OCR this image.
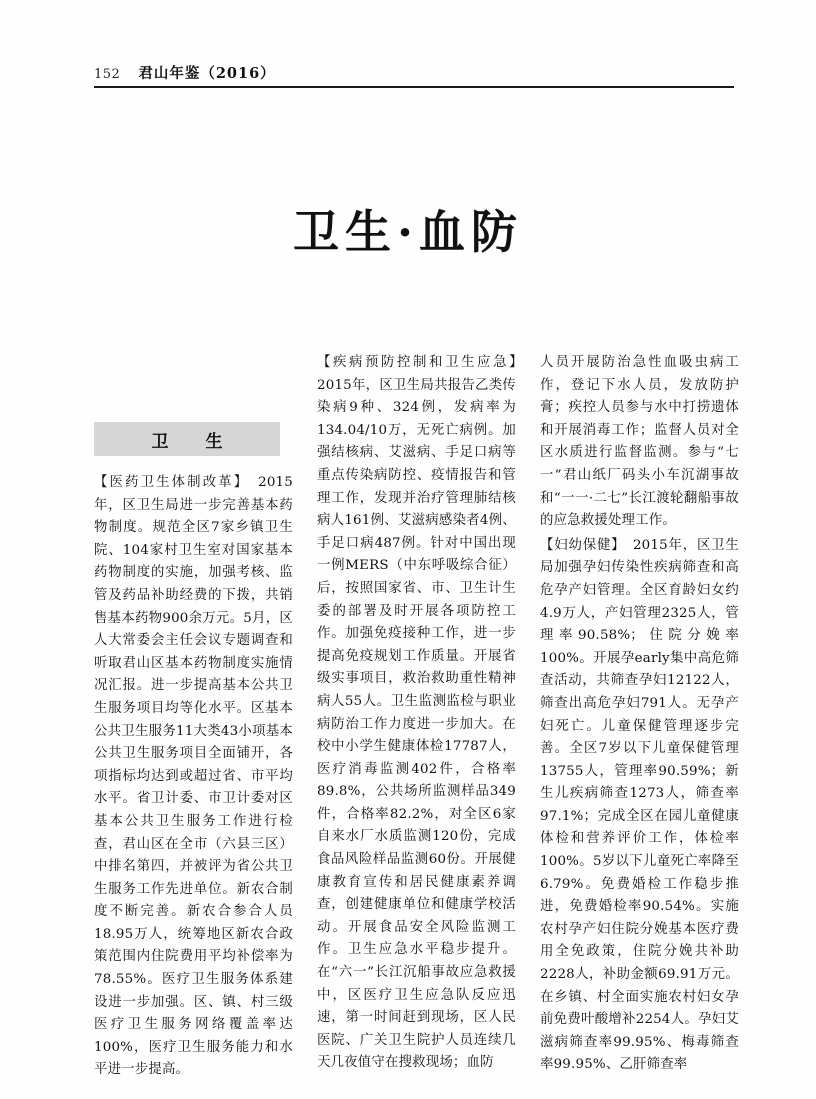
152 君山年鉴（2016）
卫生·血防
卫　生
【医药卫生体制改革】　2015年，区卫生局进一步完善基本药物制度。规范全区7家乡镇卫生院、104家村卫生室对国家基本药物制度的实施，加强考核、监管及药品补助经费的下拨，共销售基本药物900余万元。5月，区人大常委会主任会议专题调查和听取君山区基本药物制度实施情况汇报。进一步提高基本公共卫生服务项目均等化水平。区基本公共卫生服务11大类43小项基本公共卫生服务项目全面铺开，各项指标均达到或超过省、市平均水平。省卫计委、市卫计委对区基本公共卫生服务工作进行检查，君山区在全市（六县三区）中排名第四，并被评为省公共卫生服务工作先进单位。新农合制度不断完善。新农合参合人员18.95万人，统筹地区新农合政策范围内住院费用平均补偿率为78.55%。医疗卫生服务体系建设进一步加强。区、镇、村三级医疗卫生服务网络覆盖率达100%，医疗卫生服务能力和水平进一步提高。
【疾病预防控制和卫生应急】　2015年，区卫生局共报告乙类传染病9种、324例，发病率为134.04/10万，无死亡病例。加强结核病、艾滋病、手足口病等重点传染病防控、疫情报告和管理工作，发现并治疗管理肺结核病人161例、艾滋病感染者4例、手足口病487例。针对中国出现一例MERS（中东呼吸综合征）后，按照国家省、市、卫生计生委的部署及时开展各项防控工作。加强免疫接种工作，进一步提高免疫规划工作质量。开展省级实事项目，救治救助重性精神病人55人。卫生监测监检与职业病防治工作力度进一步加大。在校中小学生健康体检17787人，医疗消毒监测402件，合格率89.8%，公共场所监测样品349件，合格率82.2%，对全区6家自来水厂水质监测120份，完成食品风险样品监测60份。开展健康教育宣传和居民健康素养调查，创建健康单位和健康学校活动。开展食品安全风险监测工作。卫生应急水平稳步提升。在“六一”长江沉船事故应急救援中，区医疗卫生应急队反应迅速，第一时间赶到现场，区人民医院、广关卫生院护人员连续几天几夜值守在搜救现场；血防
人员开展防治急性血吸虫病工作，登记下水人员，发放防护膏；疾控人员参与水中打捞遗体和开展消毒工作；监督人员对全区水质进行监督监测。参与“七一”君山纸厂码头小车沉湖事故和“一一·二七”长江渡轮翻船事故的应急救援处理工作。
【妇幼保健】　2015年，区卫生局加强孕妇传染性疾病筛查和高危孕产妇管理。全区育龄妇女约4.9万人，产妇管理2325人，管理率90.58%；住院分娩率100%。开展孕early集中高危筛查活动，共筛查孕妇12122人，筛查出高危孕妇791人。无孕产妇死亡。儿童保健管理逐步完善。全区7岁以下儿童保健管理13755人，管理率90.59%；新生儿疾病筛查1273人，筛查率97.1%；完成全区在园儿童健康体检和营养评价工作，体检率100%。5岁以下儿童死亡率降至6.79%。免费婚检工作稳步推进，免费婚检率90.54%。实施农村孕产妇住院分娩基本医疗费用全免政策，住院分娩共补助2228人，补助金额69.91万元。在乡镇、村全面实施农村妇女孕前免费叶酸增补2254人。孕妇艾滋病筛查率99.95%、梅毒筛查率99.95%、乙肝筛查率
